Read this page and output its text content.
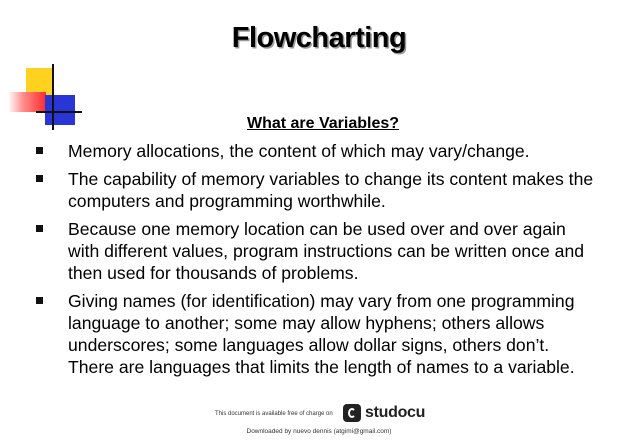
Flowcharting
What are Variables?
Memory allocations, the content of which may vary/change.
The capability of memory variables to change its content makes the computers and programming worthwhile.
Because one memory location can be used over and over again with different values, program instructions can be written once and then used for thousands of problems.
Giving names (for identification) may vary from one programming language to another; some may allow hyphens; others allows underscores; some languages allow dollar signs, others don’t. There are languages that limits the length of names to a variable.
This document is available free of charge on studocu
Downloaded by nuevo dennis (atgimi@gmail.com)
